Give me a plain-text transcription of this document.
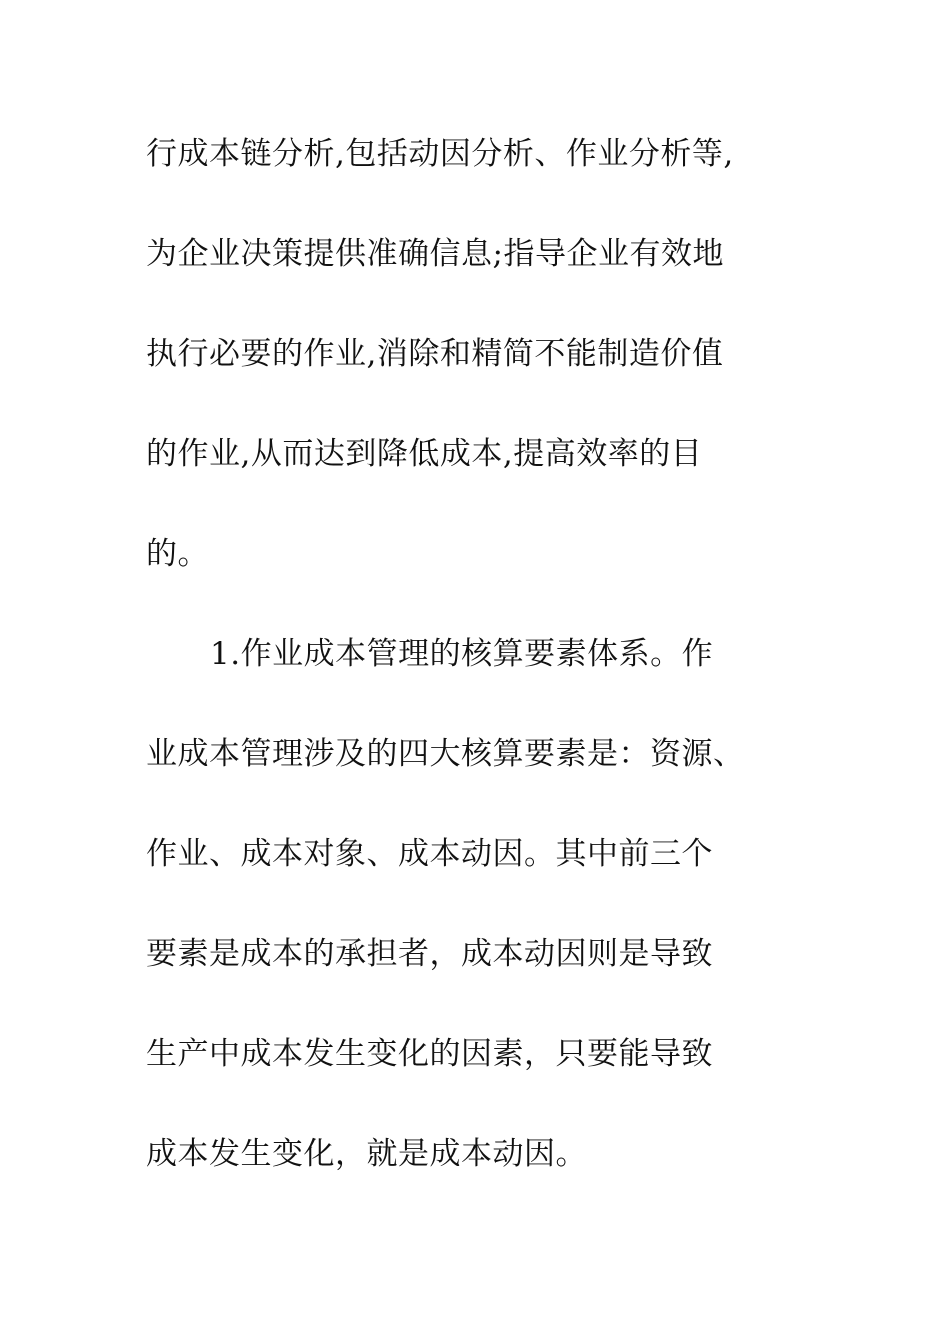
行成本链分析,包括动因分析、作业分析等,
为企业决策提供准确信息;指导企业有效地
执行必要的作业,消除和精简不能制造价值
的作业,从而达到降低成本,提高效率的目
的。
1.作业成本管理的核算要素体系。作
业成本管理涉及的四大核算要素是：资源、
作业、成本对象、成本动因。其中前三个
要素是成本的承担者，成本动因则是导致
生产中成本发生变化的因素，只要能导致
成本发生变化，就是成本动因。
